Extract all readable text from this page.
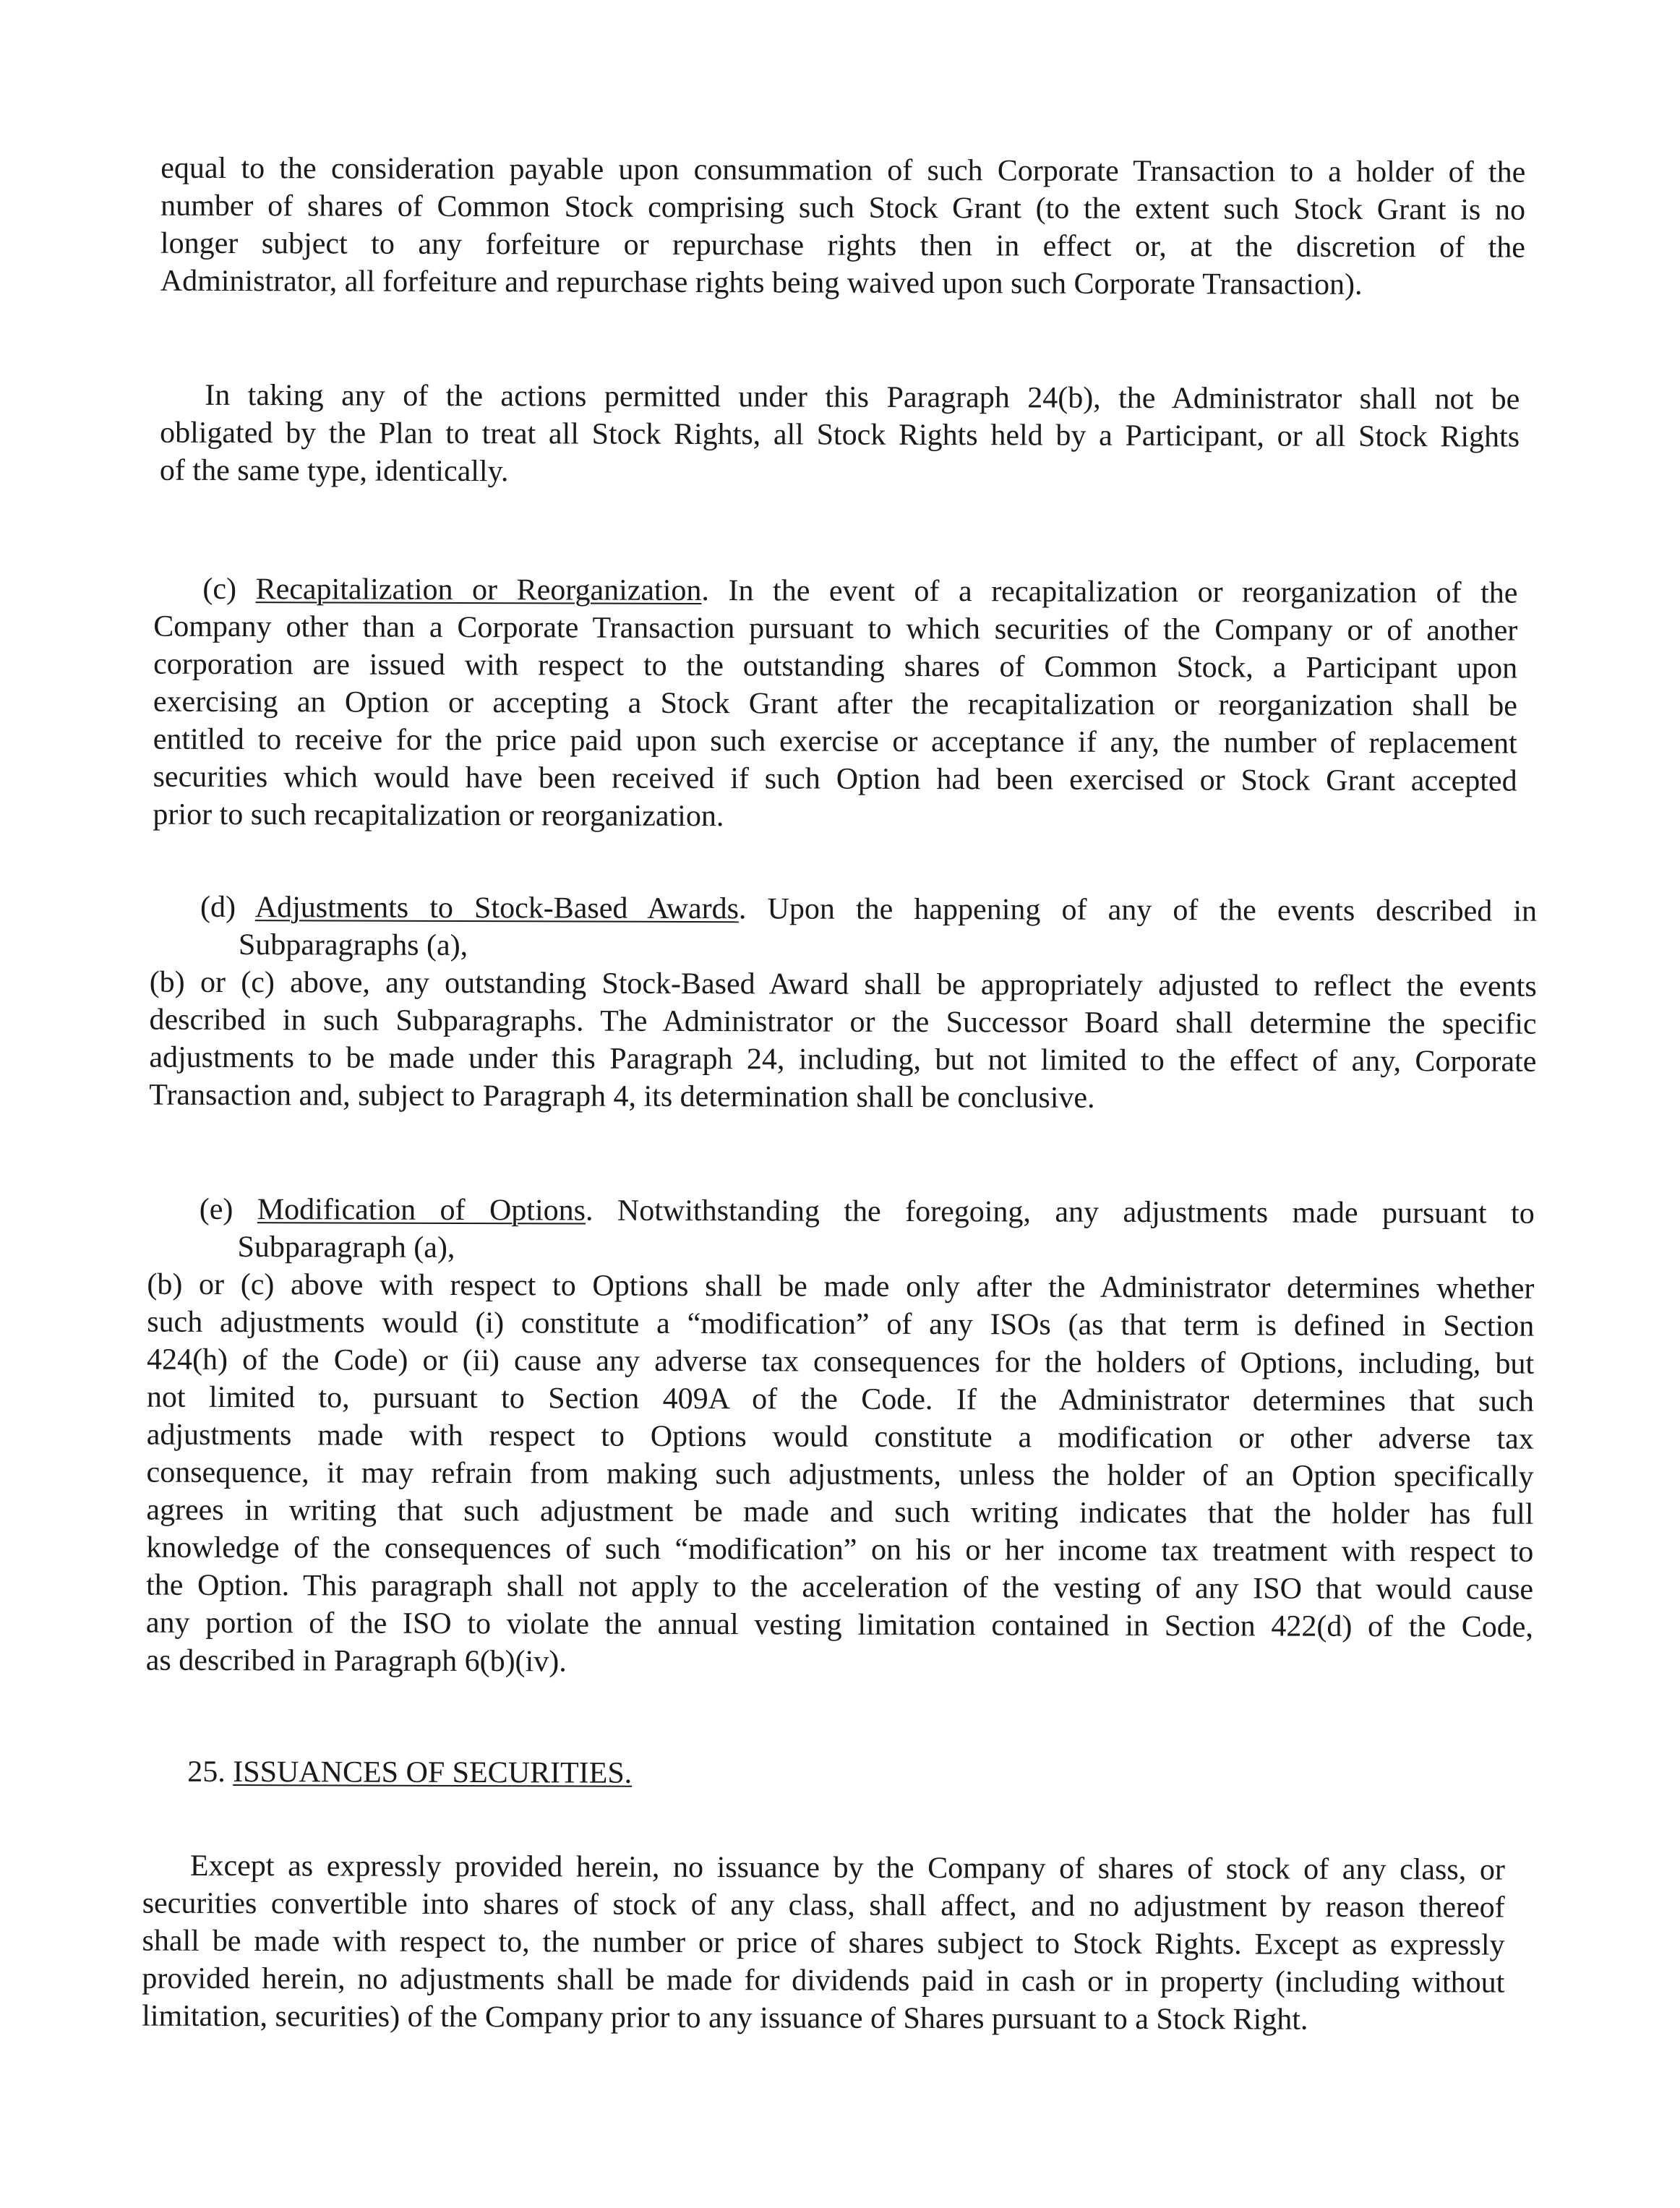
equal to the consideration payable upon consummation of such Corporate Transaction to a holder of the
number of shares of Common Stock comprising such Stock Grant (to the extent such Stock Grant is no
longer subject to any forfeiture or repurchase rights then in effect or, at the discretion of the
Administrator, all forfeiture and repurchase rights being waived upon such Corporate Transaction).
In taking any of the actions permitted under this Paragraph 24(b), the Administrator shall not be
obligated by the Plan to treat all Stock Rights, all Stock Rights held by a Participant, or all Stock Rights
of the same type, identically.
(c) Recapitalization or Reorganization. In the event of a recapitalization or reorganization of the
Company other than a Corporate Transaction pursuant to which securities of the Company or of another
corporation are issued with respect to the outstanding shares of Common Stock, a Participant upon
exercising an Option or accepting a Stock Grant after the recapitalization or reorganization shall be
entitled to receive for the price paid upon such exercise or acceptance if any, the number of replacement
securities which would have been received if such Option had been exercised or Stock Grant accepted
prior to such recapitalization or reorganization.
(d) Adjustments to Stock-Based Awards. Upon the happening of any of the events described in
Subparagraphs (a),
(b) or (c) above, any outstanding Stock-Based Award shall be appropriately adjusted to reflect the events
described in such Subparagraphs. The Administrator or the Successor Board shall determine the specific
adjustments to be made under this Paragraph 24, including, but not limited to the effect of any, Corporate
Transaction and, subject to Paragraph 4, its determination shall be conclusive.
(e) Modification of Options. Notwithstanding the foregoing, any adjustments made pursuant to
Subparagraph (a),
(b) or (c) above with respect to Options shall be made only after the Administrator determines whether
such adjustments would (i) constitute a “modification” of any ISOs (as that term is defined in Section
424(h) of the Code) or (ii) cause any adverse tax consequences for the holders of Options, including, but
not limited to, pursuant to Section 409A of the Code. If the Administrator determines that such
adjustments made with respect to Options would constitute a modification or other adverse tax
consequence, it may refrain from making such adjustments, unless the holder of an Option specifically
agrees in writing that such adjustment be made and such writing indicates that the holder has full
knowledge of the consequences of such “modification” on his or her income tax treatment with respect to
the Option. This paragraph shall not apply to the acceleration of the vesting of any ISO that would cause
any portion of the ISO to violate the annual vesting limitation contained in Section 422(d) of the Code,
as described in Paragraph 6(b)(iv).
25. ISSUANCES OF SECURITIES.
Except as expressly provided herein, no issuance by the Company of shares of stock of any class, or
securities convertible into shares of stock of any class, shall affect, and no adjustment by reason thereof
shall be made with respect to, the number or price of shares subject to Stock Rights. Except as expressly
provided herein, no adjustments shall be made for dividends paid in cash or in property (including without
limitation, securities) of the Company prior to any issuance of Shares pursuant to a Stock Right.
